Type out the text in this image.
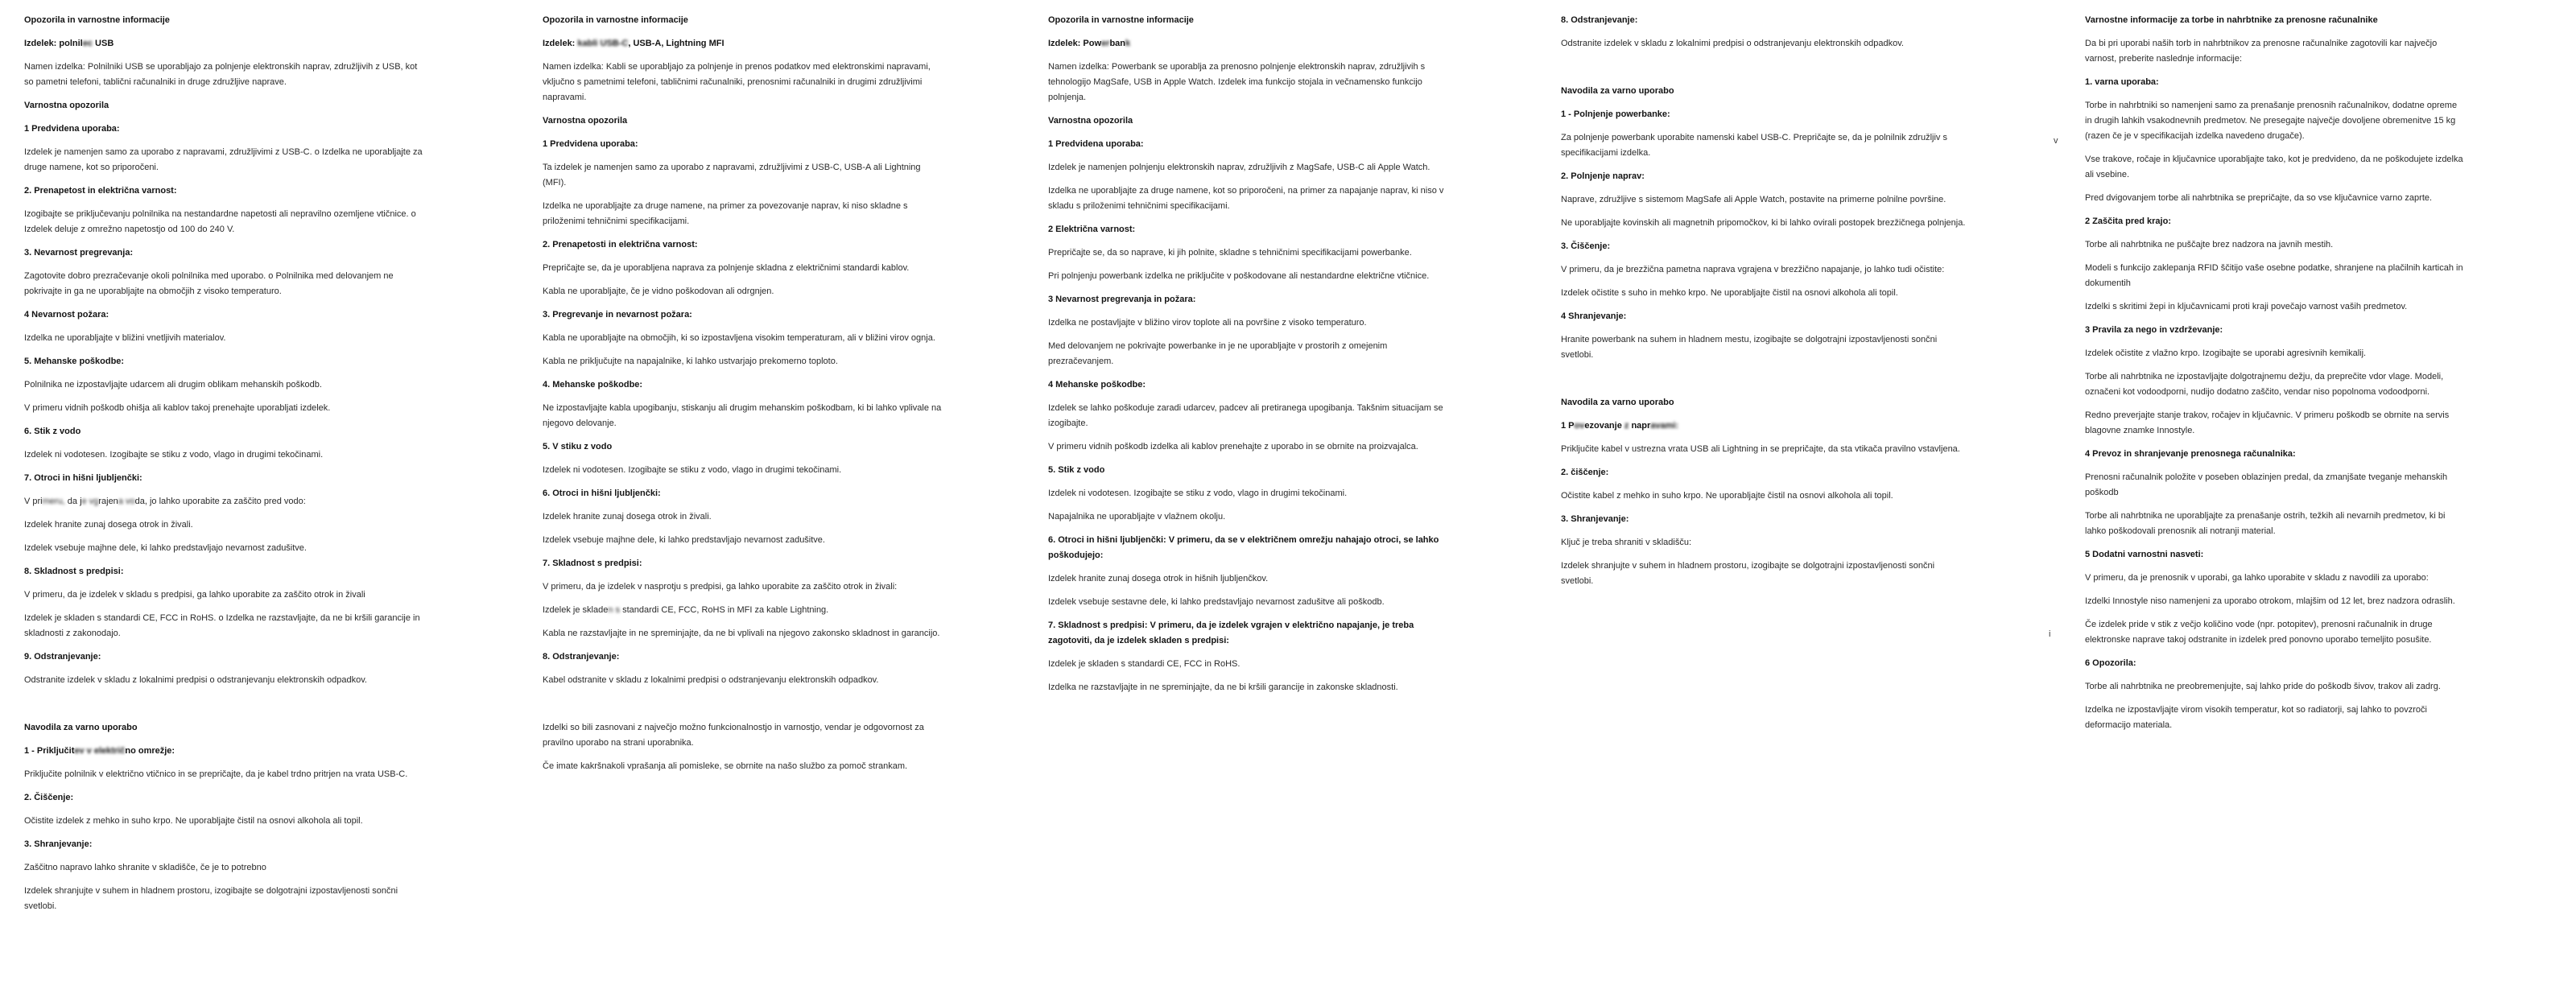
Opozorila in varnostne informacije
Izdelek: polnilec USB

Namen izdelka: Polnilniki USB se uporabljajo za polnjenje elektronskih naprav, združljivih z USB, kot so pametni telefoni, tablični računalniki in druge združljive naprave.

Varnostna opozorila
1 Predvidena uporaba:

Izdelek je namenjen samo za uporabo z napravami, združljivimi z USB-C. o Izdelka ne uporabljajte za druge namene, kot so priporočeni.

2. Prenapetost in električna varnost:

Izogibajte se priključevanju polnilnika na nestandardne napetosti ali nepravilno ozemljene vtičnice. o Izdelek deluje z omrežno napetostjo od 100 do 240 V.

3. Nevarnost pregrevanja:

Zagotovite dobro prezračevanje okoli polnilnika med uporabo. o Polnilnika med delovanjem ne pokrivajte in ga ne uporabljajte na območjih z visoko temperaturo.

4 Nevarnost požara:

Izdelka ne uporabljajte v bližini vnetljivih materialov.

5. Mehanske poškodbe:

Polnilnika ne izpostavljajte udarcem ali drugim oblikam mehanskih poškodb.

V primeru vidnih poškodb ohišja ali kablov takoj prenehajte uporabljati izdelek.

6. Stik z vodo

Izdelek ni vodotesen. Izogibajte se stiku z vodo, vlago in drugimi tekočinami.

7. Otroci in hišni ljubljenčki:

V primeru, da je vgrajena voda, jo lahko uporabite za zaščito pred vodo:

Izdelek hranite zunaj dosega otrok in živali.

Izdelek vsebuje majhne dele, ki lahko predstavljajo nevarnost zadušitve.

8. Skladnost s predpisi:

V primeru, da je izdelek v skladu s predpisi, ga lahko uporabite za zaščito otrok in živali

Izdelek je skladen s standardi CE, FCC in RoHS. o Izdelka ne razstavljajte, da ne bi kršili garancije in skladnosti z zakonodajo.

9. Odstranjevanje:

Odstranite izdelek v skladu z lokalnimi predpisi o odstranjevanju elektronskih odpadkov.

Navodila za varno uporabo
1 - Priključitev v električno omrežje:

Priključite polnilnik v električno vtičnico in se prepričajte, da je kabel trdno pritrjen na vrata USB-C.

2. Čiščenje:

Očistite izdelek z mehko in suho krpo. Ne uporabljajte čistil na osnovi alkohola ali topil.

3. Shranjevanje:

Zaščitno napravo lahko shranite v skladišče, če je to potrebno

Izdelek shranjujte v suhem in hladnem prostoru, izogibajte se dolgotrajni izpostavljenosti sončni svetlobi.

Opozorila in varnostne informacije
Izdelek: kabli USB-C, USB-A, Lightning MFI

Namen izdelka: Kabli se uporabljajo za polnjenje in prenos podatkov med elektronskimi napravami, vključno s pametnimi telefoni, tabličnimi računalniki, prenosnimi računalniki in drugimi združljivimi napravami.

Varnostna opozorila
1 Predvidena uporaba:

Ta izdelek je namenjen samo za uporabo z napravami, združljivimi z USB-C, USB-A ali Lightning (MFI).

Izdelka ne uporabljajte za druge namene, na primer za povezovanje naprav, ki niso skladne s priloženimi tehničnimi specifikacijami.

2. Prenapetosti in električna varnost:

Prepričajte se, da je uporabljena naprava za polnjenje skladna z električnimi standardi kablov.

Kabla ne uporabljajte, če je vidno poškodovan ali odrgnjen.

3. Pregrevanje in nevarnost požara:

Kabla ne uporabljajte na območjih, ki so izpostavljena visokim temperaturam, ali v bližini virov ognja.

Kabla ne priključujte na napajalnike, ki lahko ustvarjajo prekomerno toploto.

4. Mehanske poškodbe:

Ne izpostavljajte kabla upogibanju, stiskanju ali drugim mehanskim poškodbam, ki bi lahko vplivale na njegovo delovanje.

5. V stiku z vodo

Izdelek ni vodotesen. Izogibajte se stiku z vodo, vlago in drugimi tekočinami.

6. Otroci in hišni ljubljenčki:

Izdelek hranite zunaj dosega otrok in živali.

Izdelek vsebuje majhne dele, ki lahko predstavljajo nevarnost zadušitve.

7. Skladnost s predpisi:

V primeru, da je izdelek v nasprotju s predpisi, ga lahko uporabite za zaščito otrok in živali:

Izdelek je skladen s standardi CE, FCC, RoHS in MFI za kable Lightning.

Kabla ne razstavljajte in ne spreminjajte, da ne bi vplivali na njegovo zakonsko skladnost in garancijo.

8. Odstranjevanje:

Kabel odstranite v skladu z lokalnimi predpisi o odstranjevanju elektronskih odpadkov.

Izdelki so bili zasnovani z največjo možno funkcionalnostjo in varnostjo, vendar je odgovornost za pravilno uporabo na strani uporabnika.

Če imate kakršnakoli vprašanja ali pomisleke, se obrnite na našo službo za pomoč strankam.

Opozorila in varnostne informacije
Izdelek: Powerbank

Namen izdelka: Powerbank se uporablja za prenosno polnjenje elektronskih naprav, združljivih s tehnologijo MagSafe, USB in Apple Watch. Izdelek ima funkcijo stojala in večnamensko funkcijo polnjenja.

Varnostna opozorila
1 Predvidena uporaba:

Izdelek je namenjen polnjenju elektronskih naprav, združljivih z MagSafe, USB-C ali Apple Watch.

Izdelka ne uporabljajte za druge namene, kot so priporočeni, na primer za napajanje naprav, ki niso v skladu s priloženimi tehničnimi specifikacijami.

2 Električna varnost:

Prepričajte se, da so naprave, ki jih polnite, skladne s tehničnimi specifikacijami powerbanke.

Pri polnjenju powerbank izdelka ne priključite v poškodovane ali nestandardne električne vtičnice.

3 Nevarnost pregrevanja in požara:

Izdelka ne postavljajte v bližino virov toplote ali na površine z visoko temperaturo.

Med delovanjem ne pokrivajte powerbanke in je ne uporabljajte v prostorih z omejenim prezračevanjem.

4 Mehanske poškodbe:

Izdelek se lahko poškoduje zaradi udarcev, padcev ali pretiranega upogibanja. Takšnim situacijam se izogibajte.

V primeru vidnih poškodb izdelka ali kablov prenehajte z uporabo in se obrnite na proizvajalca.

5. Stik z vodo

Izdelek ni vodotesen. Izogibajte se stiku z vodo, vlago in drugimi tekočinami.

Napajalnika ne uporabljajte v vlažnem okolju.

6. Otroci in hišni ljubljenčki: V primeru, da se v električnem omrežju nahajajo otroci, se lahko poškodujejo:

Izdelek hranite zunaj dosega otrok in hišnih ljubljenčkov.

Izdelek vsebuje sestavne dele, ki lahko predstavljajo nevarnost zadušitve ali poškodb.

7. Skladnost s predpisi: V primeru, da je izdelek vgrajen v električno napajanje, je treba zagotoviti, da je izdelek skladen s predpisi:

Izdelek je skladen s standardi CE, FCC in RoHS.

Izdelka ne razstavljajte in ne spreminjajte, da ne bi kršili garancije in zakonske skladnosti.

8. Odstranjevanje:

Odstranite izdelek v skladu z lokalnimi predpisi o odstranjevanju elektronskih odpadkov.

Navodila za varno uporabo
1 - Polnjenje powerbanke:

Za polnjenje powerbank uporabite namenski kabel USB-C. Prepričajte se, da je polnilnik združljiv s specifikacijami izdelka.

2. Polnjenje naprav:

Naprave, združljive s sistemom MagSafe ali Apple Watch, postavite na primerne polnilne površine.

Ne uporabljajte kovinskih ali magnetnih pripomočkov, ki bi lahko ovirali postopek brezžičnega polnjenja.

3. Čiščenje:

V primeru, da je brezžična pametna naprava vgrajena v brezžično napajanje, jo lahko tudi očistite:

Izdelek očistite s suho in mehko krpo. Ne uporabljajte čistil na osnovi alkohola ali topil.

4 Shranjevanje:

Hranite powerbank na suhem in hladnem mestu, izogibajte se dolgotrajni izpostavljenosti sončni svetlobi.

Navodila za varno uporabo
1 Povezovanje z napravami:

Priključite kabel v ustrezna vrata USB ali Lightning in se prepričajte, da sta vtikača pravilno vstavljena.

2. čiščenje:

Očistite kabel z mehko in suho krpo. Ne uporabljajte čistil na osnovi alkohola ali topil.

3. Shranjevanje:

Ključ je treba shraniti v skladišču:

Izdelek shranjujte v suhem in hladnem prostoru, izogibajte se dolgotrajni izpostavljenosti sončni svetlobi.

Varnostne informacije za torbe in nahrbtnike za prenosne računalnike

Da bi pri uporabi naših torb in nahrbtnikov za prenosne računalnike zagotovili kar največjo varnost, preberite naslednje informacije:

1. varna uporaba:

Torbe in nahrbtniki so namenjeni samo za prenašanje prenosnih računalnikov, dodatne opreme in drugih lahkih vsakodnevnih predmetov. Ne presegajte največje dovoljene obremenitve 15 kg (razen če je v specifikacijah izdelka navedeno drugače).

Vse trakove, ročaje in ključavnice uporabljajte tako, kot je predvideno, da ne poškodujete izdelka ali vsebine.

Pred dvigovanjem torbe ali nahrbtnika se prepričajte, da so vse ključavnice varno zaprte.

2 Zaščita pred krajo:

Torbe ali nahrbtnika ne puščajte brez nadzora na javnih mestih.

Modeli s funkcijo zaklepanja RFID ščitijo vaše osebne podatke, shranjene na plačilnih karticah in dokumentih

Izdelki s skritimi žepi in ključavnicami proti kraji povečajo varnost vaših predmetov.

3 Pravila za nego in vzdrževanje:

Izdelek očistite z vlažno krpo. Izogibajte se uporabi agresivnih kemikalij.

Torbe ali nahrbtnika ne izpostavljajte dolgotrajnemu dežju, da preprečite vdor vlage. Modeli, označeni kot vodoodporni, nudijo dodatno zaščito, vendar niso popolnoma vodoodporni.

Redno preverjajte stanje trakov, ročajev in ključavnic. V primeru poškodb se obrnite na servis blagovne znamke Innostyle.

4 Prevoz in shranjevanje prenosnega računalnika:

Prenosni računalnik položite v poseben oblazinjen predal, da zmanjšate tveganje mehanskih poškodb

Torbe ali nahrbtnika ne uporabljajte za prenašanje ostrih, težkih ali nevarnih predmetov, ki bi lahko poškodovali prenosnik ali notranji material.

5 Dodatni varnostni nasveti:

V primeru, da je prenosnik v uporabi, ga lahko uporabite v skladu z navodili za uporabo:

Izdelki Innostyle niso namenjeni za uporabo otrokom, mlajšim od 12 let, brez nadzora odraslih.

Če izdelek pride v stik z večjo količino vode (npr. potopitev), prenosni računalnik in druge elektronske naprave takoj odstranite in izdelek pred ponovno uporabo temeljito posušite.

6 Opozorila:

Torbe ali nahrbtnika ne preobremenjujte, saj lahko pride do poškodb šivov, trakov ali zadrg.

Izdelka ne izpostavljajte virom visokih temperatur, kot so radiatorji, saj lahko to povzroči deformacijo materiala.

v
i
